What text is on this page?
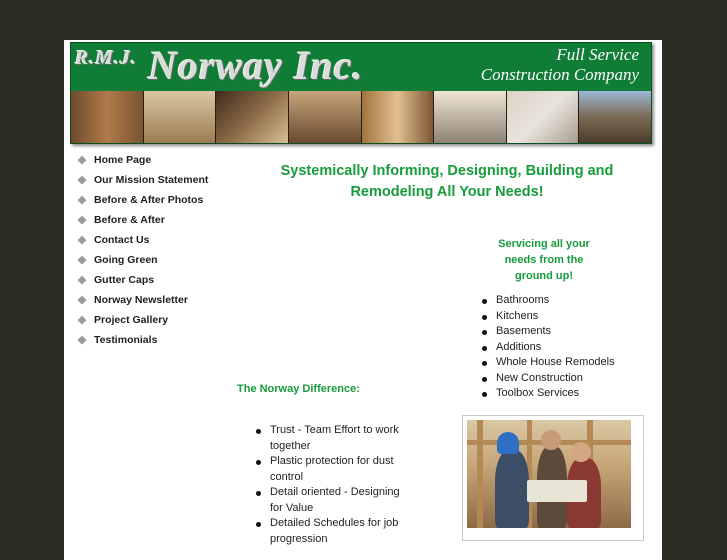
$^{R.M.J.}$ Norway Inc.	Full Service
Construction Company
◆ Home Page
◆ Our Mission Statement
◆ Before & After Photos
◆ Before & After
◆ Contact Us
◆ Going Green
◆ Gutter Caps
◆ Norway Newsletter
◆ Project Gallery
◆ Testimonials
Systemically Informing, Designing, Building and
Remodeling All Your Needs!
Servicing all your
needs from the
ground up!
Bathrooms
Kitchens
Basements
Additions
Whole House Remodels
New Construction
Toolbox Services
The Norway Difference:
Trust - Team Effort to work together
Plastic protection for dust control
Detail oriented - Designing for Value
Detailed Schedules for job progression
